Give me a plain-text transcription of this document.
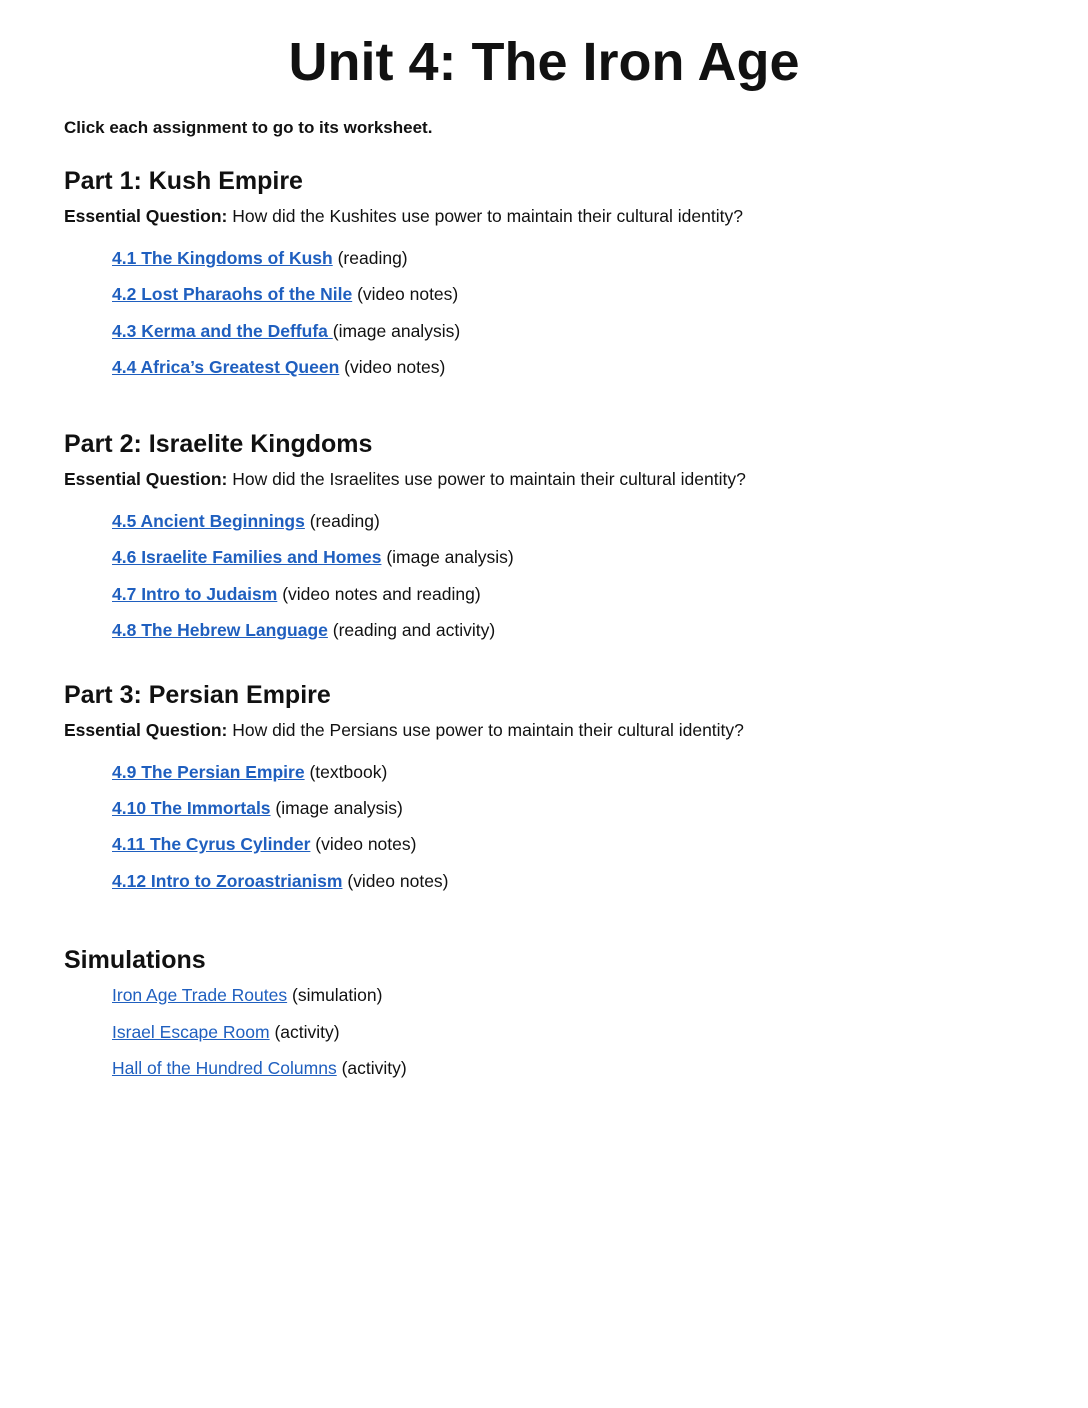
Unit 4: The Iron Age
Click each assignment to go to its worksheet.
Part 1: Kush Empire
Essential Question: How did the Kushites use power to maintain their cultural identity?
4.1 The Kingdoms of Kush (reading)
4.2 Lost Pharaohs of the Nile (video notes)
4.3 Kerma and the Deffufa (image analysis)
4.4 Africa’s Greatest Queen (video notes)
Part 2: Israelite Kingdoms
Essential Question: How did the Israelites use power to maintain their cultural identity?
4.5 Ancient Beginnings (reading)
4.6 Israelite Families and Homes (image analysis)
4.7 Intro to Judaism (video notes and reading)
4.8 The Hebrew Language (reading and activity)
Part 3: Persian Empire
Essential Question: How did the Persians use power to maintain their cultural identity?
4.9 The Persian Empire (textbook)
4.10 The Immortals (image analysis)
4.11 The Cyrus Cylinder (video notes)
4.12 Intro to Zoroastrianism (video notes)
Simulations
Iron Age Trade Routes (simulation)
Israel Escape Room (activity)
Hall of the Hundred Columns (activity)
